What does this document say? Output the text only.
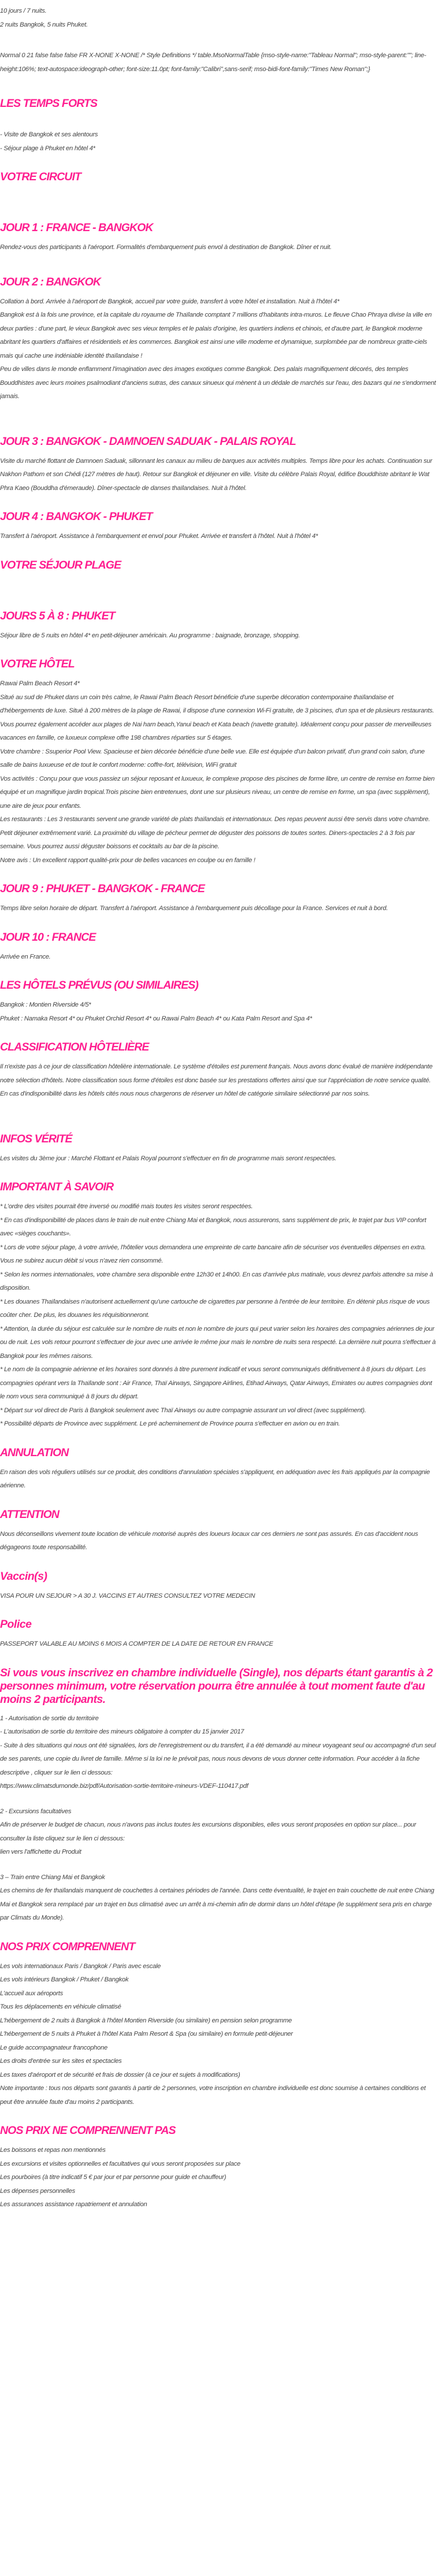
10 jours / 7 nuits.

2 nuits Bangkok, 5 nuits Phuket.

Normal 0 21 false false false FR X-NONE X-NONE /* Style Definitions */ table.MsoNormalTable {mso-style-name:"Tableau Normal"; mso-style-parent:""; line-height:106%; text-autospace:ideograph-other; font-size:11.0pt; font-family:"Calibri",sans-serif; mso-bidi-font-family:"Times New Roman";}

LES TEMPS FORTS

- Visite de Bangkok et ses alentours

- Séjour plage à Phuket en hôtel 4*

VOTRE CIRCUIT
JOUR 1 : FRANCE - BANGKOK

Rendez-vous des participants à l'aéroport. Formalités d'embarquement puis envol à destination de Bangkok. Dîner et nuit.

JOUR 2 : BANGKOK

Collation à bord. Arrivée à l'aéroport de Bangkok, accueil par votre guide, transfert à votre hôtel et installation. Nuit à l'hôtel 4*

Bangkok est à la fois une province, et la capitale du royaume de Thaïlande comptant 7 millions d'habitants intra-muros. Le fleuve Chao Phraya divise la ville en deux parties : d'une part, le vieux Bangkok avec ses vieux temples et le palais d'origine, les quartiers indiens et chinois, et d'autre part, le Bangkok moderne abritant les quartiers d'affaires et résidentiels et les commerces. Bangkok est ainsi une ville moderne et dynamique, surplombée par de nombreux gratte-ciels mais qui cache une indéniable identité thaïlandaise !

Peu de villes dans le monde enflamment l'imagination avec des images exotiques comme Bangkok. Des palais magnifiquement décorés, des temples Bouddhistes avec leurs moines psalmodiant d'anciens sutras, des canaux sinueux qui mènent à un dédale de marchés sur l'eau, des bazars qui ne s'endorment jamais.

JOUR 3 : BANGKOK - DAMNOEN SADUAK - PALAIS ROYAL

Visite du marché flottant de Damnoen Saduak, sillonnant les canaux au milieu de barques aux activités multiples. Temps libre pour les achats. Continuation sur Nakhon Pathom et son Chédi (127 mètres de haut). Retour sur Bangkok et déjeuner en ville. Visite du célèbre Palais Royal, édifice Bouddhiste abritant le Wat Phra Kaeo (Bouddha d'émeraude). Dîner-spectacle de danses thaïlandaises. Nuit à l'hôtel.

JOUR 4 : BANGKOK - PHUKET

Transfert à l'aéroport. Assistance à l'embarquement et envol pour Phuket. Arrivée et transfert à l'hôtel. Nuit à l'hôtel 4*

VOTRE SÉJOUR PLAGE
JOURS 5 À 8 : PHUKET

Séjour libre de 5 nuits en hôtel 4* en petit-déjeuner américain. Au programme : baignade, bronzage, shopping.

VOTRE HÔTEL

Rawai Palm Beach Resort 4*

Situé au sud de Phuket dans un coin très calme, le Rawai Palm Beach Resort bénéficie d'une superbe décoration contemporaine thaïlandaise et d'hébergements de luxe. Situé à 200 mètres de la plage de Rawai, il dispose d'une connexion Wi-Fi gratuite, de 3 piscines, d'un spa et de plusieurs restaurants. Vous pourrez également accéder aux plages de Nai harn beach,Yanui beach et Kata beach (navette gratuite). Idéalement conçu pour passer de merveilleuses vacances en famille, ce luxueux complexe offre 198 chambres réparties sur 5 étages.

Votre chambre : Ssuperior Pool View. Spacieuse et bien décorée bénéficie d'une belle vue. Elle est équipée d'un balcon privatif, d'un grand coin salon, d'une salle de bains luxueuse et de tout le confort moderne: coffre-fort, télévision, WiFi gratuit

Vos activités : Conçu pour que vous passiez un séjour reposant et luxueux, le complexe propose des piscines de forme libre, un centre de remise en forme bien équipé et un magnifique jardin tropical.Trois piscine bien entretenues, dont une sur plusieurs niveau, un centre de remise en forme, un spa (avec supplèment), une aire de jeux pour enfants.

Les restaurants : Les 3 restaurants servent une grande variété de plats thaïlandais et internationaux. Des repas peuvent aussi être servis dans votre chambre. Petit déjeuner extrêmement varié. La proximité du village de pécheur permet de déguster des poissons de toutes sortes. Diners-spectacles 2 à 3 fois par semaine. Vous pourrez aussi déguster boissons et cocktails au bar de la piscine.

Notre avis : Un excellent rapport qualité-prix pour de belles vacances en coulpe ou en famille !

JOUR 9 : PHUKET - BANGKOK - FRANCE

Temps libre selon horaire de départ. Transfert à l'aéroport. Assistance à l'embarquement puis décollage pour la France. Services et nuit à bord.

JOUR 10 : FRANCE

Arrivée en France.

LES HÔTELS PRÉVUS (OU SIMILAIRES)

Bangkok : Montien Riverside 4/5*

Phuket : Namaka Resort 4* ou Phuket Orchid Resort 4* ou Rawai Palm Beach 4* ou Kata Palm Resort and Spa 4*

CLASSIFICATION HÔTELIÈRE

Il n'existe pas à ce jour de classification hôtelière internationale. Le système d'étoiles est purement français. Nous avons donc évalué de manière indépendante notre sélection d'hôtels. Notre classification sous forme d'étoiles est donc basée sur les prestations offertes ainsi que sur l'appréciation de notre service qualité. En cas d'indisponibilité dans les hôtels cités nous nous chargerons de réserver un hôtel de catégorie similaire sélectionné par nos soins.

INFOS VÉRITÉ

Les visites du 3ème jour : Marché Flottant et Palais Royal pourront s'effectuer en fin de programme mais seront respectées.

IMPORTANT À SAVOIR

* L'ordre des visites pourrait être inversé ou modifié mais toutes les visites seront respectées.

* En cas d'indisponibilité de places dans le train de nuit entre Chiang Mai et Bangkok, nous assurerons, sans supplément de prix, le trajet par bus VIP confort avec «sièges couchants».

* Lors de votre séjour plage, à votre arrivée, l'hôtelier vous demandera une empreinte de carte bancaire afin de sécuriser vos éventuelles dépenses en extra. Vous ne subirez aucun débit si vous n'avez rien consommé.

* Selon les normes internationales, votre chambre sera disponible entre 12h30 et 14h00. En cas d'arrivée plus matinale, vous devrez parfois attendre sa mise à disposition.

* Les douanes Thaïlandaises n'autorisent actuellement qu'une cartouche de cigarettes par personne à l'entrée de leur territoire. En détenir plus risque de vous coûter cher. De plus, les douanes les réquisitionneront.

* Attention, la durée du séjour est calculée sur le nombre de nuits et non le nombre de jours qui peut varier selon les horaires des compagnies aériennes de jour ou de nuit. Les vols retour pourront s'effectuer de jour avec une arrivée le même jour mais le nombre de nuits sera respecté. La dernière nuit pourra s'effectuer à Bangkok pour les mêmes raisons.

* Le nom de la compagnie aérienne et les horaires sont donnés à titre purement indicatif et vous seront communiqués définitivement à 8 jours du départ. Les compagnies opérant vers la Thaïlande sont : Air France, Thaï Airways, Singapore Airlines, Etihad Airways, Qatar Airways, Emirates ou autres compagnies dont le nom vous sera communiqué à 8 jours du départ.

* Départ sur vol direct de Paris à Bangkok seulement avec Thaï Airways ou autre compagnie assurant un vol direct (avec supplément).

* Possibilité départs de Province avec supplément. Le pré acheminement de Province pourra s'effectuer en avion ou en train.

ANNULATION

En raison des vols réguliers utilisés sur ce produit, des conditions d'annulation spéciales s'appliquent, en adéquation avec les frais appliqués par la compagnie aérienne.

ATTENTION

Nous déconseillons vivement toute location de véhicule motorisé auprès des loueurs locaux car ces derniers ne sont pas assurés. En cas d'accident nous dégageons toute responsabilité.

Vaccin(s)

VISA POUR UN SEJOUR > A 30 J. VACCINS ET AUTRES CONSULTEZ VOTRE MEDECIN

Police

PASSEPORT VALABLE AU MOINS 6 MOIS A COMPTER DE LA DATE DE RETOUR EN FRANCE

Si vous vous inscrivez en chambre individuelle (Single), nos départs étant garantis à 2 personnes minimum, votre réservation pourra être annulée à tout moment faute d'au moins 2 participants.

1 - Autorisation de sortie du territoire

- L'autorisation de sortie du territoire des mineurs obligatoire à compter du 15 janvier 2017

- Suite à des situations qui nous ont été signalées, lors de l'enregistrement ou du transfert, il a été demandé au mineur voyageant seul ou accompagné d'un seul de ses parents, une copie du livret de famille. Même si la loi ne le prévoit pas, nous nous devons de vous donner cette information. Pour accéder à la fiche descriptive , cliquer sur le lien ci dessous:

https://www.climatsdumonde.biz/pdf/Autorisation-sortie-territoire-mineurs-VDEF-110417.pdf

2 - Excursions facultatives

Afin de préserver le budget de chacun, nous n'avons pas inclus toutes les excursions disponibles, elles vous seront proposées en option sur place... pour consulter la liste cliquez sur le lien ci dessous:

lien vers l'affichette du Produit

3 – Train entre Chiang Mai et Bangkok

Les chemins de fer thaïlandais manquent de couchettes à certaines périodes de l'année. Dans cette éventualité, le trajet en train couchette de nuit entre Chiang Mai et Bangkok sera remplacé par un trajet en bus climatisé avec un arrêt à mi-chemin afin de dormir dans un hôtel d'étape (le supplément sera pris en charge par Climats du Monde).

NOS PRIX COMPRENNENT

Les vols internationaux Paris / Bangkok / Paris avec escale

Les vols intérieurs Bangkok / Phuket / Bangkok

L'accueil aux aéroports

Tous les déplacements en véhicule climatisé

L'hébergement de 2 nuits à Bangkok à l'hôtel Montien Riverside (ou similaire) en pension selon programme

L'hébergement de 5 nuits à Phuket à l'hôtel Kata Palm Resort & Spa (ou similaire) en formule petit-déjeuner

Le guide accompagnateur francophone

Les droits d'entrée sur les sites et spectacles

Les taxes d'aéroport et de sécurité et frais de dossier (à ce jour et sujets à modifications)

Note importante : tous nos départs sont garantis à partir de 2 personnes, votre inscription en chambre individuelle est donc soumise à certaines conditions et peut être annulée faute d'au moins 2 participants.

NOS PRIX NE COMPRENNENT PAS

Les boissons et repas non mentionnés

Les excursions et visites optionnelles et facultatives qui vous seront proposées sur place

Les pourboires (à titre indicatif 5 € par jour et par personne pour guide et chauffeur)

Les dépenses personnelles

Les assurances assistance rapatriement et annulation
